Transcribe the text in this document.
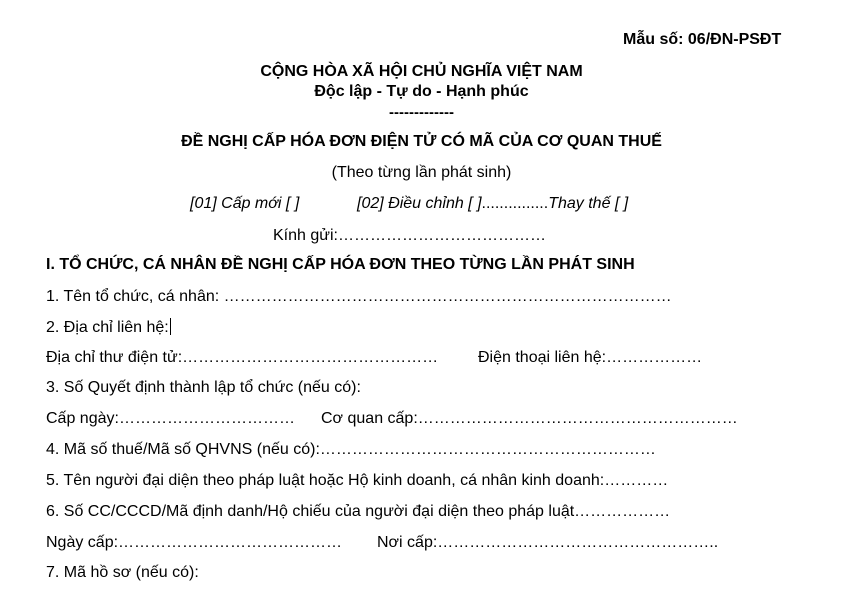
Mẫu số: 06/ĐN-PSĐT
CỘNG HÒA XÃ HỘI CHỦ NGHĨA VIỆT NAM
Độc lập - Tự do - Hạnh phúc
-------------
ĐỀ NGHỊ CẤP HÓA ĐƠN ĐIỆN TỬ CÓ MÃ CỦA CƠ QUAN THUẾ
(Theo từng lần phát sinh)
[01] Cấp mới [ ]	[02] Điều chỉnh [ ]...............Thay thế [ ]
Kính gửi:…………………………………
I. TỔ CHỨC, CÁ NHÂN ĐỀ NGHỊ CẤP HÓA ĐƠN THEO TỪNG LẦN PHÁT SINH
1. Tên tổ chức, cá nhân: …………………………………………………………………………
2. Địa chỉ liên hệ:
Địa chỉ thư điện tử:………………………………………… Điện thoại liên hệ:………………
3. Số Quyết định thành lập tổ chức (nếu có):
Cấp ngày:…………………………… Cơ quan cấp:……………………………………………………
4. Mã số thuế/Mã số QHVNS (nếu có):………………………………………………………
5. Tên người đại diện theo pháp luật hoặc Hộ kinh doanh, cá nhân kinh doanh:…………
6. Số CC/CCCD/Mã định danh/Hộ chiếu của người đại diện theo pháp luật………………
Ngày cấp:…………………………………… Nơi cấp:……………………………………………..
7. Mã hồ sơ (nếu có):
